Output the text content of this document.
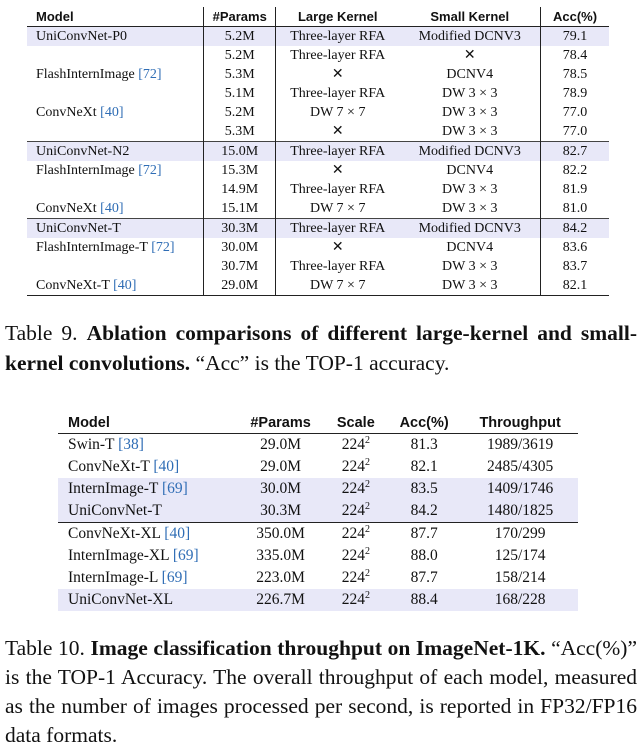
Model	#Params	Large Kernel	Small Kernel	Acc(%)
UniConvNet-P0	5.2M	Three-layer RFA	Modified DCNV3	79.1
	5.2M	Three-layer RFA	✕	78.4
FlashInternImage [72]	5.3M	✕	DCNV4	78.5
	5.1M	Three-layer RFA	DW 3 × 3	78.9
ConvNeXt [40]	5.2M	DW 7 × 7	DW 3 × 3	77.0
	5.3M	✕	DW 3 × 3	77.0
UniConvNet-N2	15.0M	Three-layer RFA	Modified DCNV3	82.7
FlashInternImage [72]	15.3M	✕	DCNV4	82.2
	14.9M	Three-layer RFA	DW 3 × 3	81.9
ConvNeXt [40]	15.1M	DW 7 × 7	DW 3 × 3	81.0
UniConvNet-T	30.3M	Three-layer RFA	Modified DCNV3	84.2
FlashInternImage-T [72]	30.0M	✕	DCNV4	83.6
	30.7M	Three-layer RFA	DW 3 × 3	83.7
ConvNeXt-T [40]	29.0M	DW 7 × 7	DW 3 × 3	82.1

Table 9. Ablation comparisons of different large-kernel and small-kernel convolutions. “Acc” is the TOP-1 accuracy.

Model	#Params	Scale	Acc(%)	Throughput
Swin-T [38]	29.0M	$224^2$	81.3	1989/3619
ConvNeXt-T [40]	29.0M	$224^2$	82.1	2485/4305
InternImage-T [69]	30.0M	$224^2$	83.5	1409/1746
UniConvNet-T	30.3M	$224^2$	84.2	1480/1825
ConvNeXt-XL [40]	350.0M	$224^2$	87.7	170/299
InternImage-XL [69]	335.0M	$224^2$	88.0	125/174
InternImage-L [69]	223.0M	$224^2$	87.7	158/214
UniConvNet-XL	226.7M	$224^2$	88.4	168/228

Table 10. Image classification throughput on ImageNet-1K. “Acc(%)” is the TOP-1 Accuracy. The overall throughput of each model, measured as the number of images processed per second, is reported in FP32/FP16 data formats.
